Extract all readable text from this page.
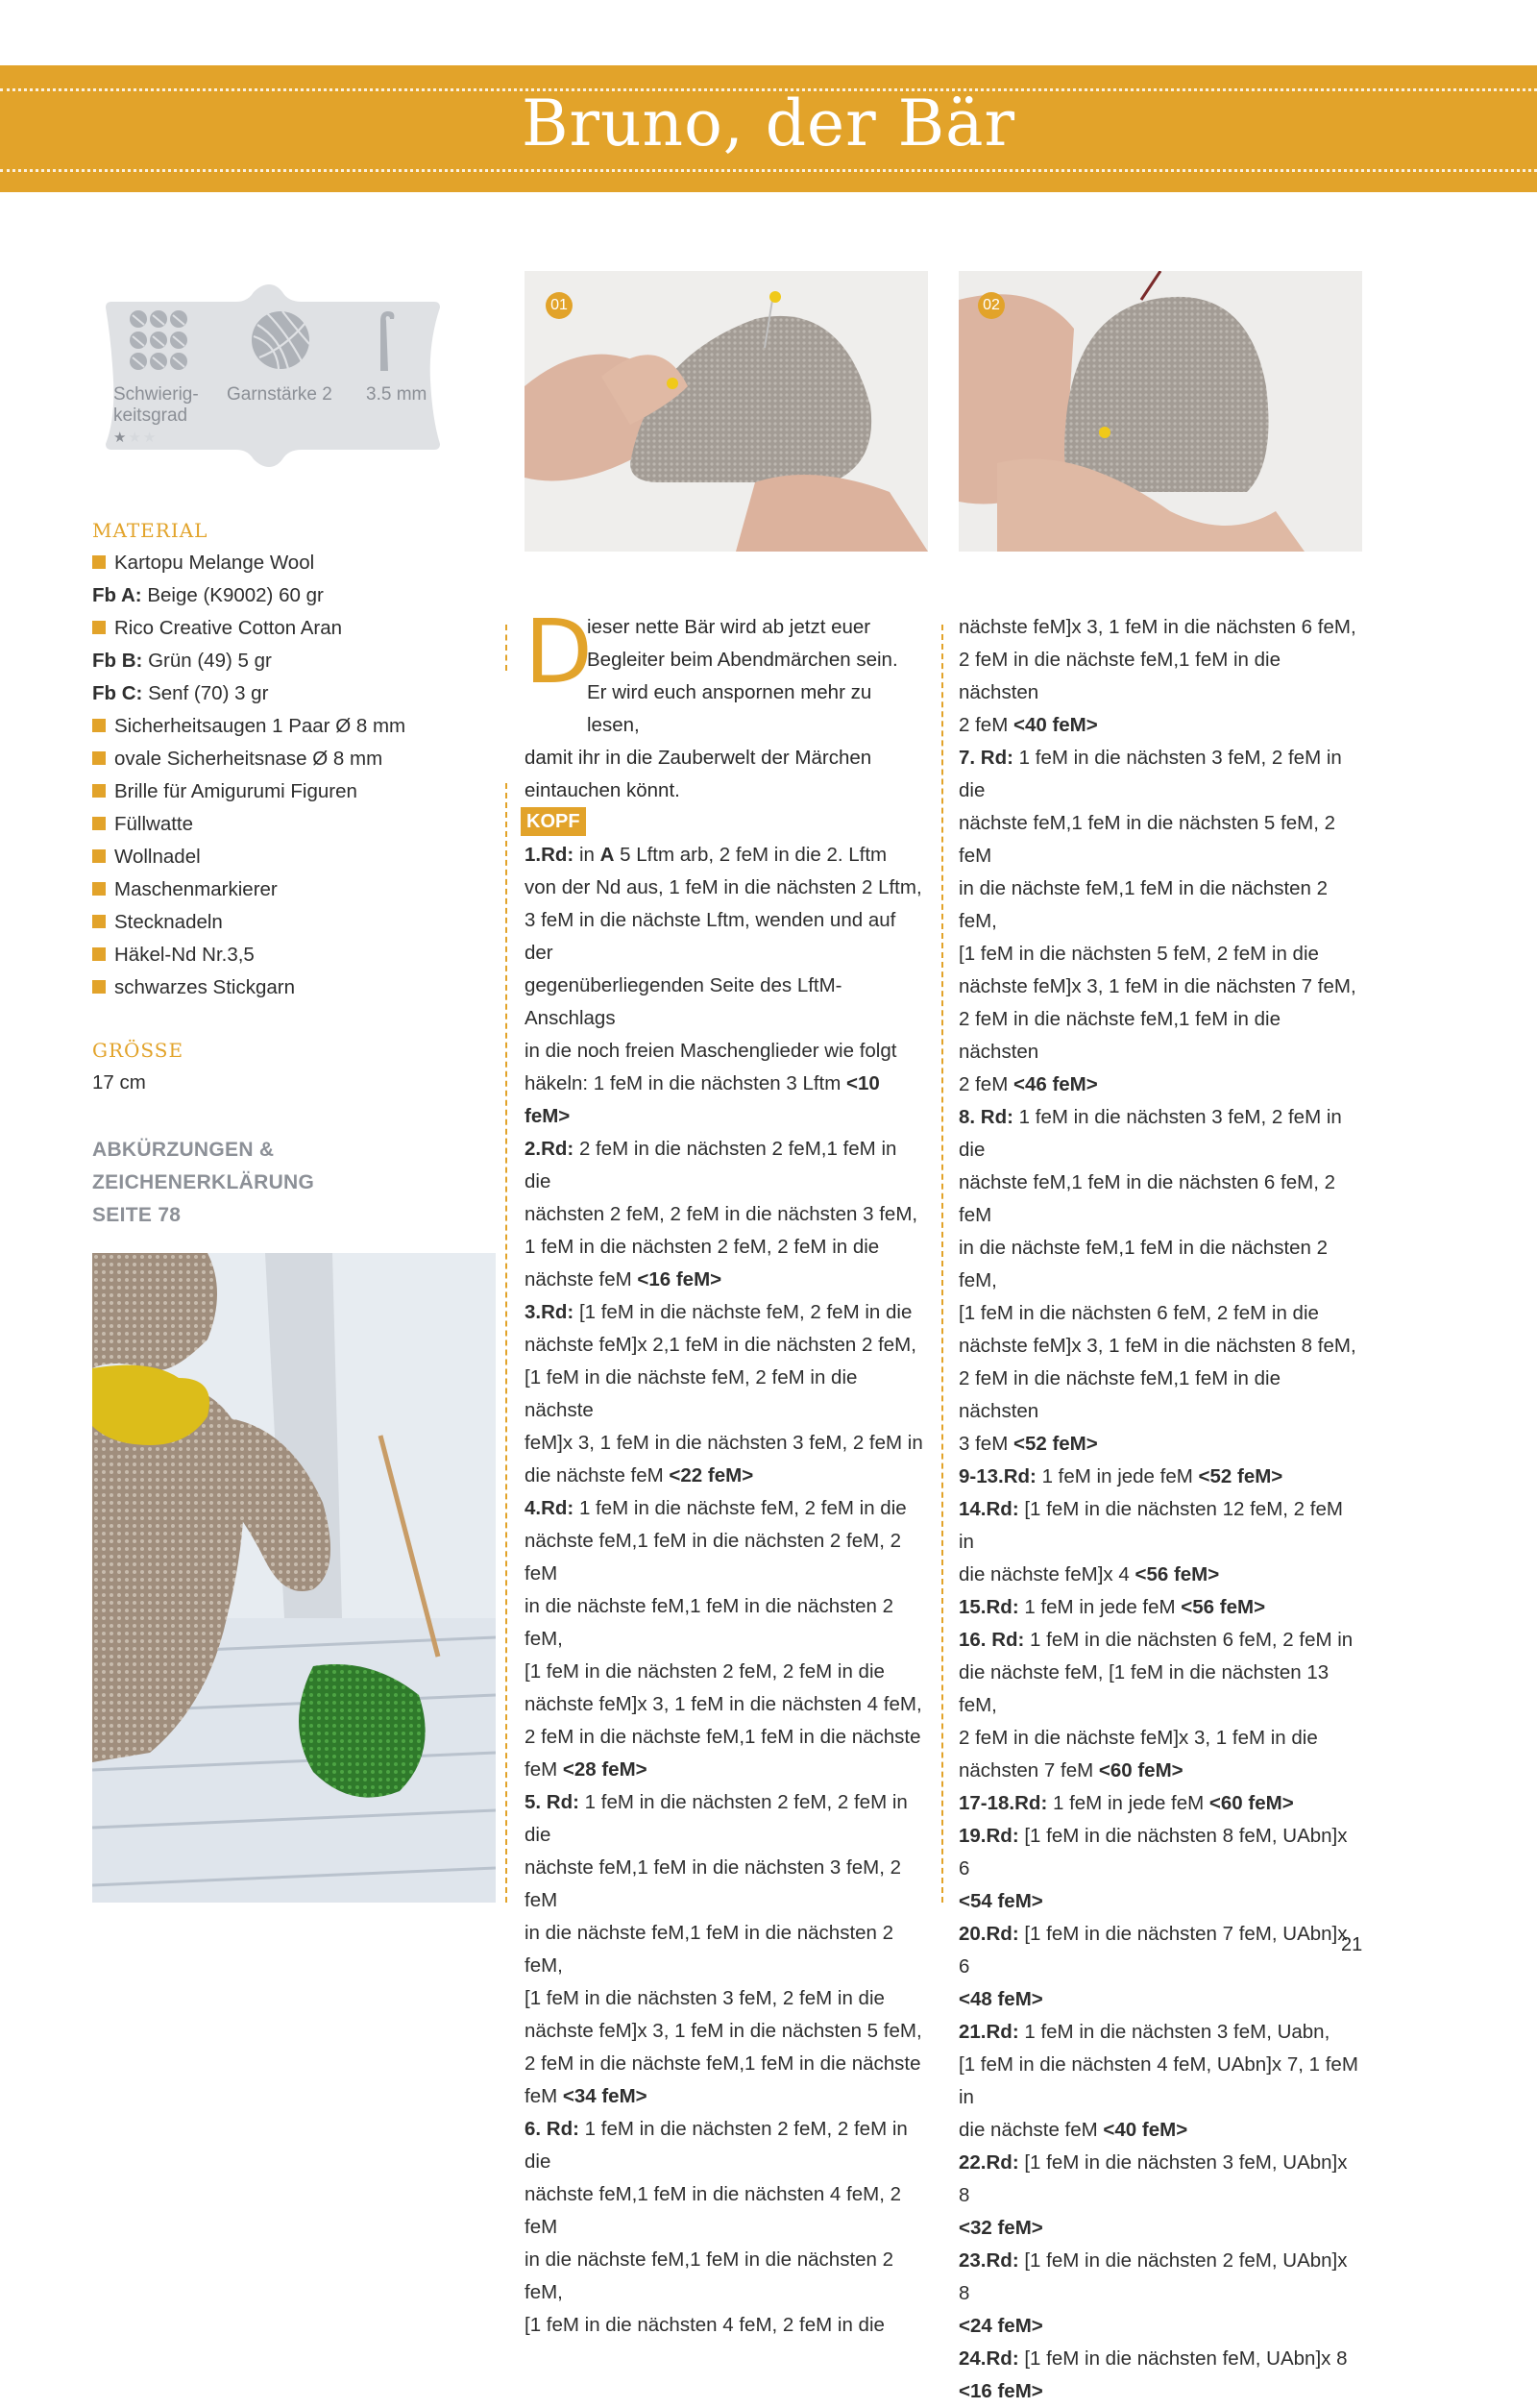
Bruno, der Bär
Schwierig-
keitsgrad
Garnstärke 2 3.5 mm
★★★
MATERIAL
Kartopu Melange Wool
Fb A: Beige (K9002) 60 gr
Rico Creative Cotton Aran
Fb B: Grün (49) 5 gr
Fb C: Senf (70) 3 gr
Sicherheitsaugen 1 Paar Ø 8 mm
ovale Sicherheitsnase Ø 8 mm
Brille für Amigurumi Figuren
Füllwatte
Wollnadel
Maschenmarkierer
Stecknadeln
Häkel-Nd Nr.3,5
schwarzes Stickgarn
GRÖSSE
17 cm
ABKÜRZUNGEN & ZEICHENERKLÄRUNG
SEITE 78
01	02
D
ieser nette Bär wird ab jetzt euer
Begleiter beim Abendmärchen sein.
Er wird euch anspornen mehr zu lesen,
damit ihr in die Zauberwelt der Märchen
eintauchen könnt.
KOPF

1.Rd: in A 5 Lftm arb, 2 feM in die 2. Lftm

von der Nd aus, 1 feM in die nächsten 2 Lftm,

3 feM in die nächste Lftm, wenden und auf der

gegenüberliegenden Seite des LftM-Anschlags

in die noch freien Maschenglieder wie folgt

häkeln: 1 feM in die nächsten 3 Lftm <10 feM>

2.Rd: 2 feM in die nächsten 2 feM,1 feM in die

nächsten 2 feM, 2 feM in die nächsten 3 feM,

1 feM in die nächsten 2 feM, 2 feM in die

nächste feM <16 feM>

3.Rd: [1 feM in die nächste feM, 2 feM in die

nächste feM]x 2,1 feM in die nächsten 2 feM,

[1 feM in die nächste feM, 2 feM in die nächste

feM]x 3, 1 feM in die nächsten 3 feM, 2 feM in

die nächste feM <22 feM>

4.Rd: 1 feM in die nächste feM, 2 feM in die

nächste feM,1 feM in die nächsten 2 feM, 2 feM

in die nächste feM,1 feM in die nächsten 2 feM,

[1 feM in die nächsten 2 feM, 2 feM in die

nächste feM]x 3, 1 feM in die nächsten 4 feM,

2 feM in die nächste feM,1 feM in die nächste

feM <28 feM>

5. Rd: 1 feM in die nächsten 2 feM, 2 feM in die

nächste feM,1 feM in die nächsten 3 feM, 2 feM

in die nächste feM,1 feM in die nächsten 2 feM,

[1 feM in die nächsten 3 feM, 2 feM in die

nächste feM]x 3, 1 feM in die nächsten 5 feM,

2 feM in die nächste feM,1 feM in die nächste

feM <34 feM>

6. Rd: 1 feM in die nächsten 2 feM, 2 feM in die

nächste feM,1 feM in die nächsten 4 feM, 2 feM

in die nächste feM,1 feM in die nächsten 2 feM,

[1 feM in die nächsten 4 feM, 2 feM in die

nächste feM]x 3, 1 feM in die nächsten 6 feM,

2 feM in die nächste feM,1 feM in die nächsten

2 feM <40 feM>

7. Rd: 1 feM in die nächsten 3 feM, 2 feM in die

nächste feM,1 feM in die nächsten 5 feM, 2 feM

in die nächste feM,1 feM in die nächsten 2 feM,

[1 feM in die nächsten 5 feM, 2 feM in die

nächste feM]x 3, 1 feM in die nächsten 7 feM,

2 feM in die nächste feM,1 feM in die nächsten

2 feM <46 feM>

8. Rd: 1 feM in die nächsten 3 feM, 2 feM in die

nächste feM,1 feM in die nächsten 6 feM, 2 feM

in die nächste feM,1 feM in die nächsten 2 feM,

[1 feM in die nächsten 6 feM, 2 feM in die

nächste feM]x 3, 1 feM in die nächsten 8 feM,

2 feM in die nächste feM,1 feM in die nächsten

3 feM <52 feM>

9-13.Rd: 1 feM in jede feM <52 feM>

14.Rd: [1 feM in die nächsten 12 feM, 2 feM in

die nächste feM]x 4 <56 feM>

15.Rd: 1 feM in jede feM <56 feM>

16. Rd: 1 feM in die nächsten 6 feM, 2 feM in

die nächste feM, [1 feM in die nächsten 13 feM,

2 feM in die nächste feM]x 3, 1 feM in die

nächsten 7 feM <60 feM>

17-18.Rd: 1 feM in jede feM <60 feM>

19.Rd: [1 feM in die nächsten 8 feM, UAbn]x 6

<54 feM>

20.Rd: [1 feM in die nächsten 7 feM, UAbn]x 6

<48 feM>

21.Rd: 1 feM in die nächsten 3 feM, Uabn,

[1 feM in die nächsten 4 feM, UAbn]x 7, 1 feM in

die nächste feM <40 feM>

22.Rd: [1 feM in die nächsten 3 feM, UAbn]x 8

<32 feM>

23.Rd: [1 feM in die nächsten 2 feM, UAbn]x 8

<24 feM>

24.Rd: [1 feM in die nächsten feM, UAbn]x 8

<16 feM>

21
